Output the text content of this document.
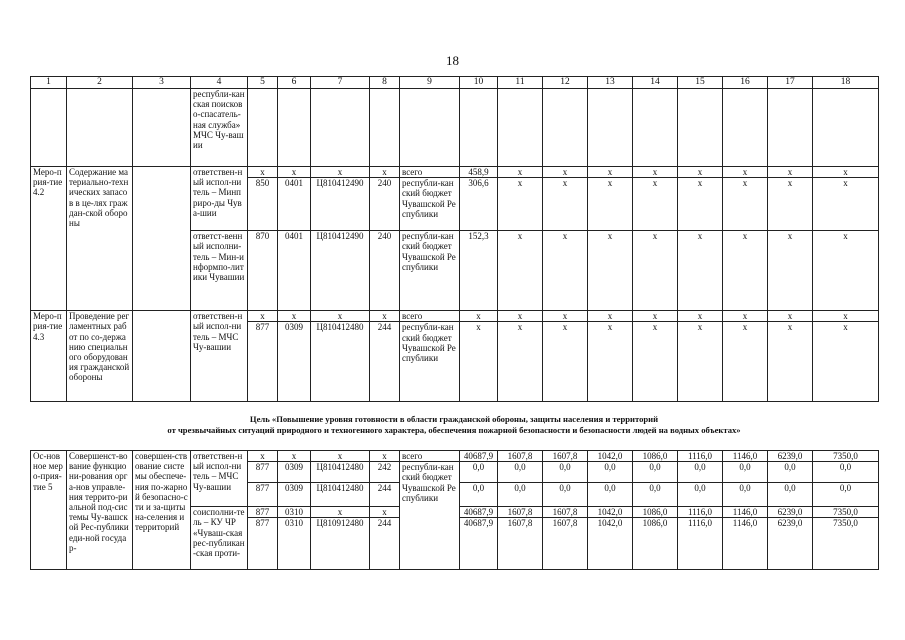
18
1	2	3	4	5	6	7	8	9	10	11	12	13	14	15	16	17	18
			республи-канская поисково-спасатель-ная служба» МЧС Чу-вашии														
Меро-прия-тие 4.2	Содержание материально-технических запасов в це-лях граждан-ской обороны		ответствен-ный испол-нитель – Минприро-ды Чува-шии	x	x	x	x	всего	458,9	x	x	x	x	x	x	x	x
				850	0401	Ц810412490	240	республи-канский бюджет Чувашской Республики	306,6	x	x	x	x	x	x	x	x
			ответст-венный исполни-тель – Мин-информпо-литики Чувашии	870	0401	Ц810412490	240	республи-канский бюджет Чувашской Республики	152,3	x	x	x	x	x	x	x	x
Меро-прия-тие 4.3	Проведение регламентных работ по со-держанию специального оборудования гражданской обороны		ответствен-ный испол-нитель – МЧС Чу-вашии	x	x	x	x	всего	x	x	x	x	x	x	x	x	x
				877	0309	Ц810412480	244	республи-канский бюджет Чувашской Республики	x	x	x	x	x	x	x	x	x
Цель «Повышение уровня готовности в области гражданской обороны, защиты населения и территорий
от чрезвычайных ситуаций природного и техногенного характера, обеспечения пожарной безопасности и безопасности людей на водных объектах»
Ос-новное меро-прия-тие 5	Совершенст-вование функциони-рования орга-нов управле-ния террито-риальной под-системы Чу-вашской Рес-публики еди-ной государ-	совершен-ствование системы обеспече-ния по-жарной безопасно-сти и за-щиты на-селения и территорий	ответствен-ный испол-нитель – МЧС Чу-вашии	x	x	x	x	всего	40687,9	1607,8	1607,8	1042,0	1086,0	1116,0	1146,0	6239,0	7350,0
				877	0309	Ц810412480	242	республи-канский бюджет Чувашской Республики	0,0	0,0	0,0	0,0	0,0	0,0	0,0	0,0	0,0
				877	0309	Ц810412480	244		0,0	0,0	0,0	0,0	0,0	0,0	0,0	0,0	0,0
			соисполни-тель – КУ ЧР «Чуваш-ская рес-публикан-ская проти-	877	0310	x	x		40687,9	1607,8	1607,8	1042,0	1086,0	1116,0	1146,0	6239,0	7350,0
				877	0310	Ц810912480	244		40687,9	1607,8	1607,8	1042,0	1086,0	1116,0	1146,0	6239,0	7350,0
